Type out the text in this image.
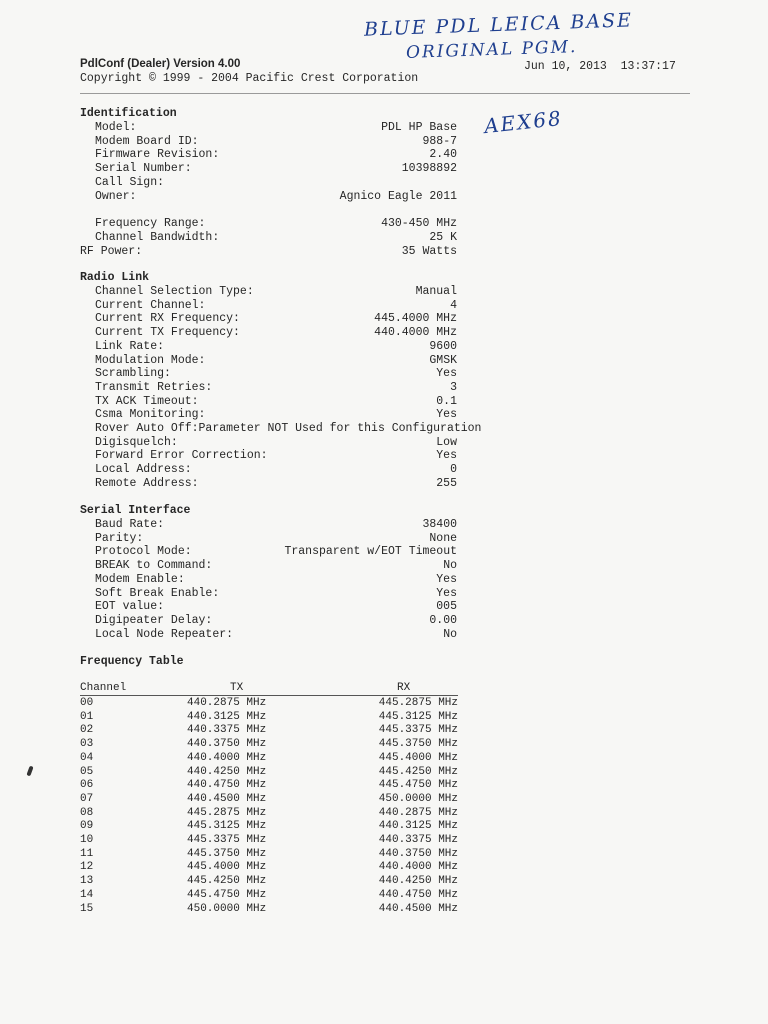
BLUE PDL LEICA BASE
ORIGINAL PGM.
AEX68
PdlConf (Dealer) Version 4.00
Copyright © 1999 - 2004 Pacific Crest Corporation
Jun 10, 2013 13:37:17
Identification
Radio Link
Serial Interface
Frequency Table
Model:	PDL HP Base
Modem Board ID:	988-7
Firmware Revision:	2.40
Serial Number:	10398892
Call Sign:
Owner:	Agnico Eagle 2011
Frequency Range:	430-450 MHz
Channel Bandwidth:	25 K
RF Power:	35 Watts
Channel Selection Type:	Manual
Current Channel:	4
Current RX Frequency:	445.4000 MHz
Current TX Frequency:	440.4000 MHz
Link Rate:	9600
Modulation Mode:	GMSK
Scrambling:	Yes
Transmit Retries:	3
TX ACK Timeout:	0.1
Csma Monitoring:	Yes
Rover Auto Off:Parameter NOT Used for this Configuration
Digisquelch:	Low
Forward Error Correction:	Yes
Local Address:	0
Remote Address:	255
Baud Rate:	38400
Parity:	None
Protocol Mode:	Transparent w/EOT Timeout
BREAK to Command:	No
Modem Enable:	Yes
Soft Break Enable:	Yes
EOT value:	005
Digipeater Delay:	0.00
Local Node Repeater:	No
Channel	TX	RX
00	440.2875 MHz	445.2875 MHz
01	440.3125 MHz	445.3125 MHz
02	440.3375 MHz	445.3375 MHz
03	440.3750 MHz	445.3750 MHz
04	440.4000 MHz	445.4000 MHz
05	440.4250 MHz	445.4250 MHz
06	440.4750 MHz	445.4750 MHz
07	440.4500 MHz	450.0000 MHz
08	445.2875 MHz	440.2875 MHz
09	445.3125 MHz	440.3125 MHz
10	445.3375 MHz	440.3375 MHz
11	445.3750 MHz	440.3750 MHz
12	445.4000 MHz	440.4000 MHz
13	445.4250 MHz	440.4250 MHz
14	445.4750 MHz	440.4750 MHz
15	450.0000 MHz	440.4500 MHz
